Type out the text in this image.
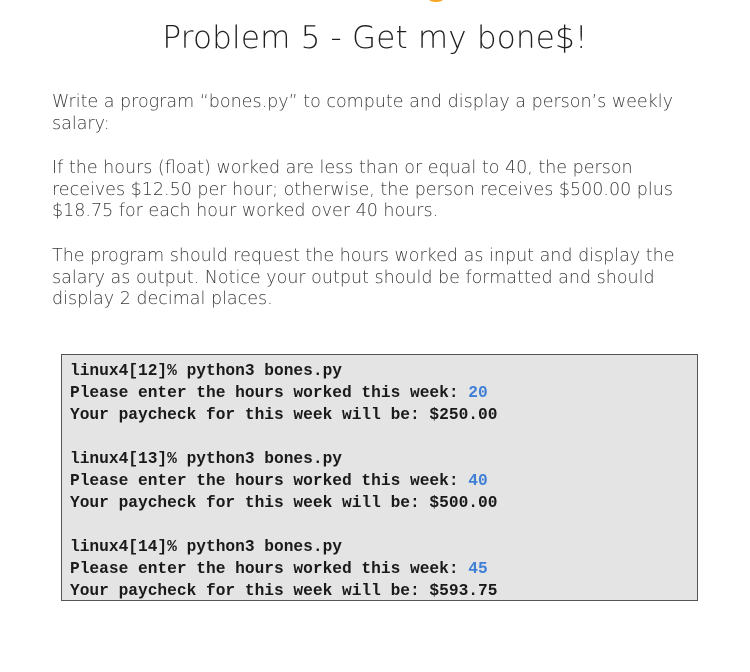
Problem 5 - Get my bone$!

Write a program “bones.py” to compute and display a person’s weekly salary:

If the hours (float) worked are less than or equal to 40, the person receives $12.50 per hour; otherwise, the person receives $500.00 plus $18.75 for each hour worked over 40 hours.

The program should request the hours worked as input and display the salary as output. Notice your output should be formatted and should display 2 decimal places.

linux4[12]% python3 bones.py
Please enter the hours worked this week: 20
Your paycheck for this week will be: $250.00
linux4[13]% python3 bones.py
Please enter the hours worked this week: 40
Your paycheck for this week will be: $500.00
linux4[14]% python3 bones.py
Please enter the hours worked this week: 45
Your paycheck for this week will be: $593.75
